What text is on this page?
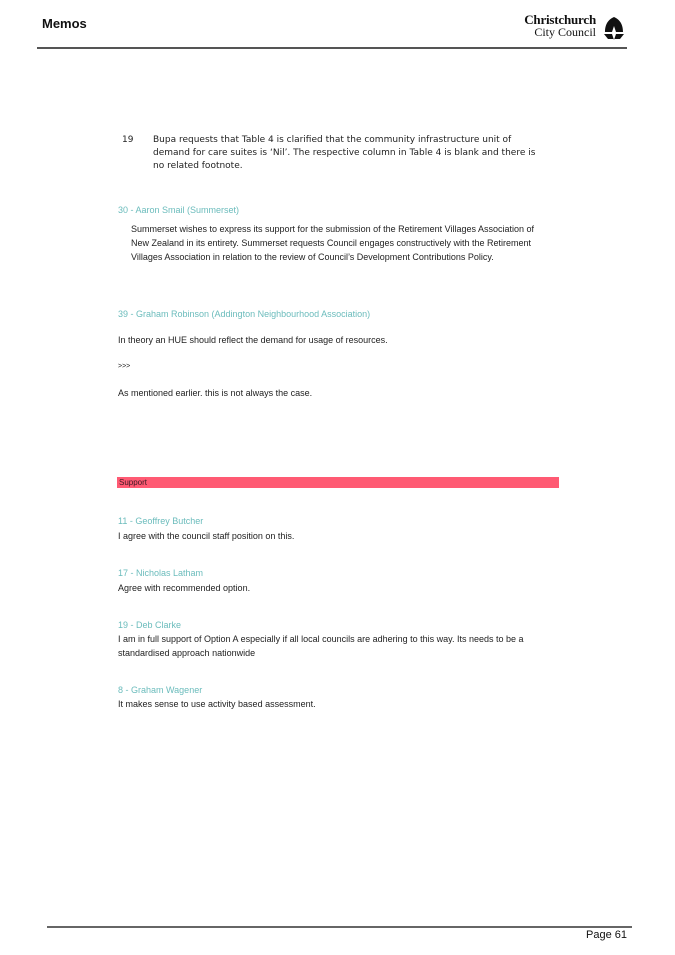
Memos	Christchurch
City Council
19 Bupa requests that Table 4 is clarified that the community infrastructure unit of demand for care suites is ‘Nil’. The respective column in Table 4 is blank and there is no related footnote.
30 - Aaron Smail (Summerset)
Summerset wishes to express its support for the submission of the Retirement Villages Association of New Zealand in its entirety. Summerset requests Council engages constructively with the Retirement Villages Association in relation to the review of Council’s Development Contributions Policy.
39 - Graham Robinson (Addington Neighbourhood Association)
In theory an HUE should reflect the demand for usage of resources.
>>>
As mentioned earlier. this is not always the case.
Support
11 - Geoffrey Butcher
I agree with the council staff position on this.
17 - Nicholas Latham
Agree with recommended option.
19 - Deb Clarke
I am in full support of Option A especially if all local councils are adhering to this way. Its needs to be a standardised approach nationwide
8 - Graham Wagener
It makes sense to use activity based assessment.
Page 61
